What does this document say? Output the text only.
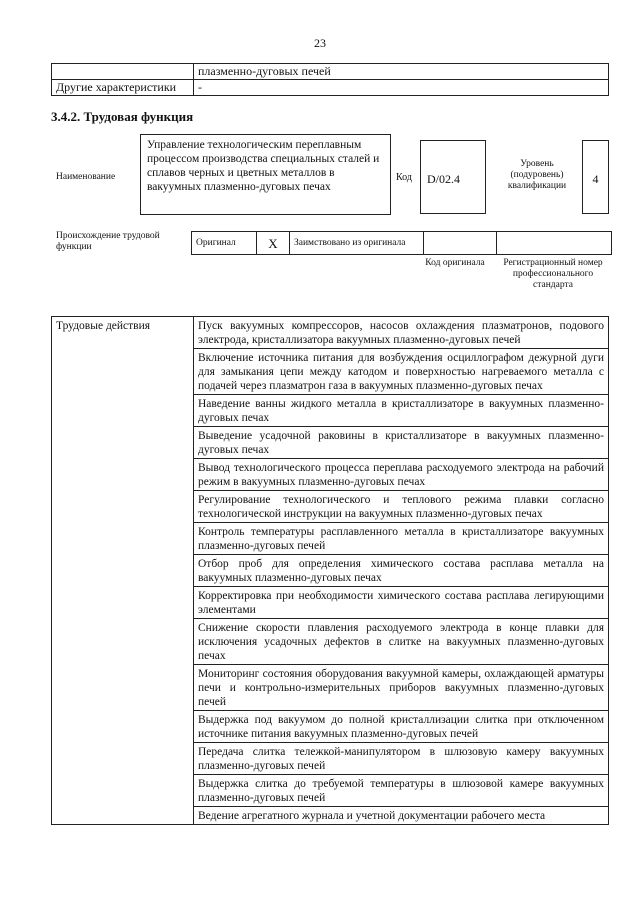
23
	плазменно-дуговых печей
Другие характеристики	-
3.4.2. Трудовая функция
Наименование
Управление технологическим переплавным процессом производства специальных сталей и сплавов черных и цветных металлов в вакуумных плазменно-дуговых печах
Код	D/02.4
Уровень (подуровень) квалификации	4
Происхождение трудовой функции	Оригинал	X	Заимствовано из оригинала		
Код оригинала	Регистрационный номер профессионального стандарта
Трудовые действия	Пуск вакуумных компрессоров, насосов охлаждения плазматронов, подового электрода, кристаллизатора вакуумных плазменно-дуговых печей
Включение источника питания для возбуждения осциллографом дежурной дуги для замыкания цепи между катодом и поверхностью нагреваемого металла с подачей через плазматрон газа в вакуумных плазменно-дуговых печах
Наведение ванны жидкого металла в кристаллизаторе в вакуумных плазменно-дуговых печах
Выведение усадочной раковины в кристаллизаторе в вакуумных плазменно-дуговых печах
Вывод технологического процесса переплава расходуемого электрода на рабочий режим в вакуумных плазменно-дуговых печах
Регулирование технологического и теплового режима плавки согласно технологической инструкции на вакуумных плазменно-дуговых печах
Контроль температуры расплавленного металла в кристаллизаторе вакуумных плазменно-дуговых печей
Отбор проб для определения химического состава расплава металла на вакуумных плазменно-дуговых печах
Корректировка при необходимости химического состава расплава легирующими элементами
Снижение скорости плавления расходуемого электрода в конце плавки для исключения усадочных дефектов в слитке на вакуумных плазменно-дуговых печах
Мониторинг состояния оборудования вакуумной камеры, охлаждающей арматуры печи и контрольно-измерительных приборов вакуумных плазменно-дуговых печей
Выдержка под вакуумом до полной кристаллизации слитка при отключенном источнике питания вакуумных плазменно-дуговых печей
Передача слитка тележкой-манипулятором в шлюзовую камеру вакуумных плазменно-дуговых печей
Выдержка слитка до требуемой температуры в шлюзовой камере вакуумных плазменно-дуговых печей
Ведение агрегатного журнала и учетной документации рабочего места
